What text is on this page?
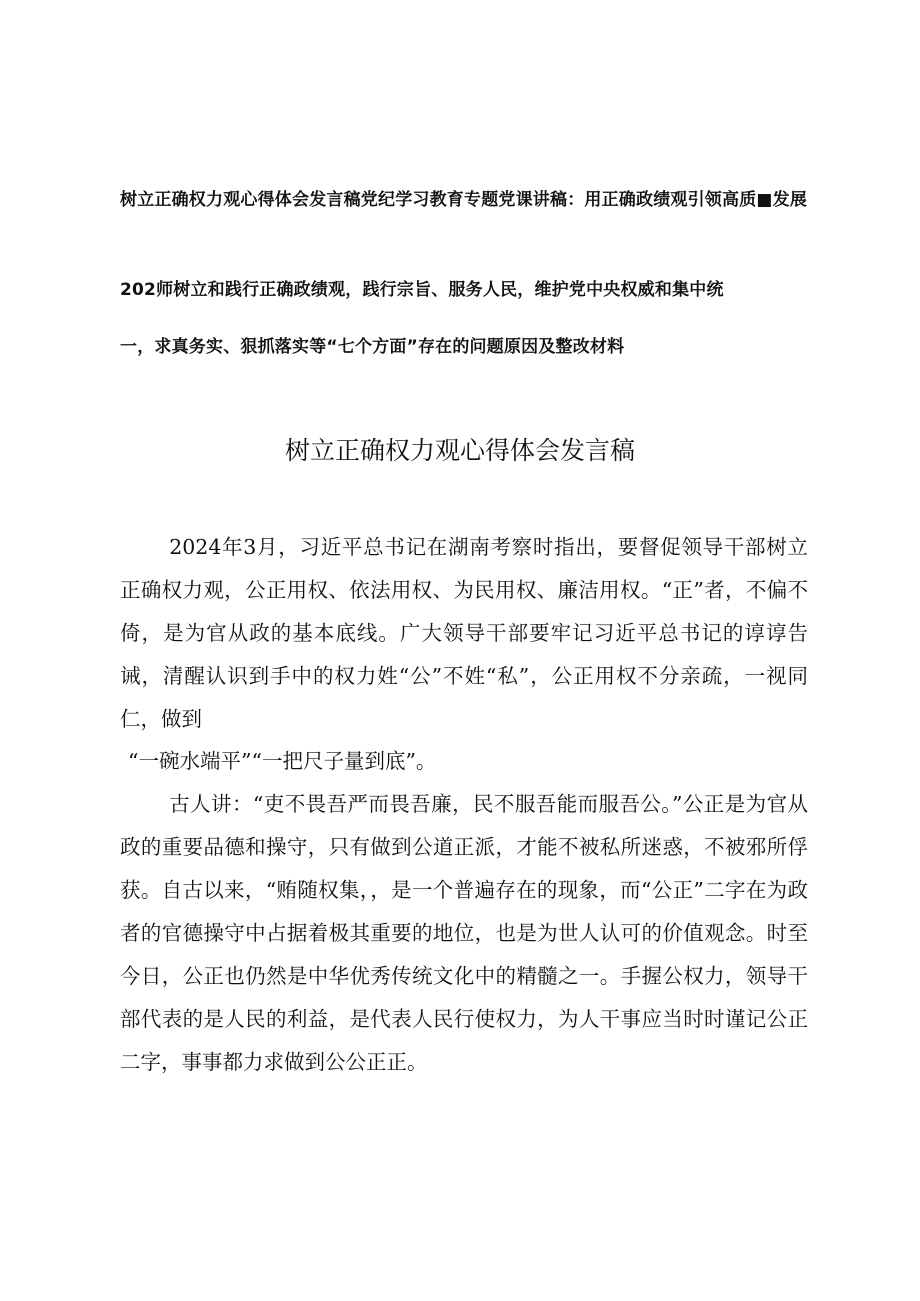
树立正确权力观心得体会发言稿党纪学习教育专题党课讲稿：用正确政绩观引领高质■发展
202师树立和践行正确政绩观，践行宗旨、服务人民，维护党中央权威和集中统
一，求真务实、狠抓落实等“七个方面”存在的问题原因及整改材料
树立正确权力观心得体会发言稿

2024年3月，习近平总书记在湖南考察时指出，要督促领导干部树立正确权力观，公正用权、依法用权、为民用权、廉洁用权。“正”者，不偏不倚，是为官从政的基本底线。广大领导干部要牢记习近平总书记的谆谆告诫，清醒认识到手中的权力姓“公”不姓“私”，公正用权不分亲疏，一视同仁，做到

“一碗水端平”“一把尺子量到底”。

古人讲：“吏不畏吾严而畏吾廉，民不服吾能而服吾公。”公正是为官从政的重要品德和操守，只有做到公道正派，才能不被私所迷惑，不被邪所俘获。自古以来，“贿随权集，，是一个普遍存在的现象，而“公正”二字在为政者的官德操守中占据着极其重要的地位，也是为世人认可的价值观念。时至今日，公正也仍然是中华优秀传统文化中的精髓之一。手握公权力，领导干部代表的是人民的利益，是代表人民行使权力，为人干事应当时时谨记公正二字，事事都力求做到公公正正。
